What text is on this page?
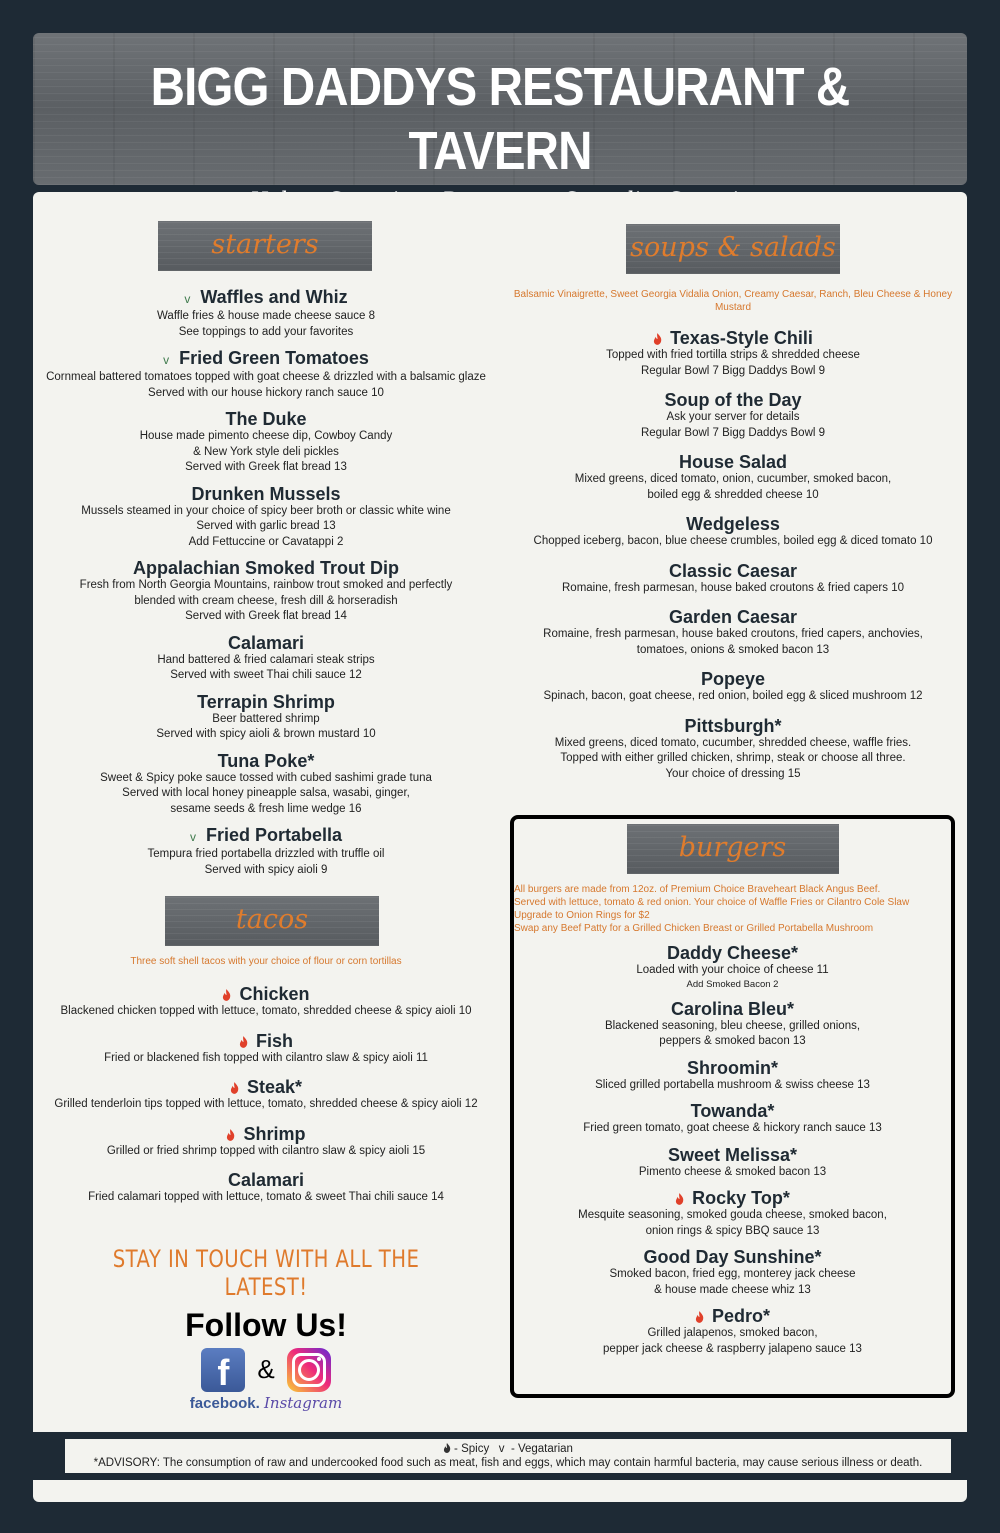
BIGG DADDYS RESTAURANT & TAVERN
starters
v Waffles and Whiz
Waffle fries & house made cheese sauce 8
See toppings to add your favorites
v Fried Green Tomatoes
Cornmeal battered tomatoes topped with goat cheese & drizzled with a balsamic glaze
Served with our house hickory ranch sauce 10
The Duke
House made pimento cheese dip, Cowboy Candy
& New York style deli pickles
Served with Greek flat bread 13
Drunken Mussels
Mussels steamed in your choice of spicy beer broth or classic white wine
Served with garlic bread 13
Add Fettuccine or Cavatappi 2
Appalachian Smoked Trout Dip
Fresh from North Georgia Mountains, rainbow trout smoked and perfectly
blended with cream cheese, fresh dill & horseradish
Served with Greek flat bread 14
Calamari
Hand battered & fried calamari steak strips
Served with sweet Thai chili sauce 12
Terrapin Shrimp
Beer battered shrimp
Served with spicy aioli & brown mustard 10
Tuna Poke*
Sweet & Spicy poke sauce tossed with cubed sashimi grade tuna
Served with local honey pineapple salsa, wasabi, ginger,
sesame seeds & fresh lime wedge 16
v Fried Portabella
Tempura fried portabella drizzled with truffle oil
Served with spicy aioli 9
tacos
Three soft shell tacos with your choice of flour or corn tortillas
Chicken
Blackened chicken topped with lettuce, tomato, shredded cheese & spicy aioli 10
Fish
Fried or blackened fish topped with cilantro slaw & spicy aioli 11
Steak*
Grilled tenderloin tips topped with lettuce, tomato, shredded cheese & spicy aioli 12
Shrimp
Grilled or fried shrimp topped with cilantro slaw & spicy aioli 15
Calamari
Fried calamari topped with lettuce, tomato & sweet Thai chili sauce 14
STAY IN TOUCH WITH ALL THE LATEST!
Follow Us!
f	&
facebook. Instagram
soups & salads
Balsamic Vinaigrette, Sweet Georgia Vidalia Onion, Creamy Caesar, Ranch, Bleu Cheese & Honey Mustard
Texas-Style Chili
Topped with fried tortilla strips & shredded cheese
Regular Bowl 7 Bigg Daddys Bowl 9
Soup of the Day
Ask your server for details
Regular Bowl 7 Bigg Daddys Bowl 9
House Salad
Mixed greens, diced tomato, onion, cucumber, smoked bacon,
boiled egg & shredded cheese 10
Wedgeless
Chopped iceberg, bacon, blue cheese crumbles, boiled egg & diced tomato 10
Classic Caesar
Romaine, fresh parmesan, house baked croutons & fried capers 10
Garden Caesar
Romaine, fresh parmesan, house baked croutons, fried capers, anchovies,
tomatoes, onions & smoked bacon 13
Popeye
Spinach, bacon, goat cheese, red onion, boiled egg & sliced mushroom 12
Pittsburgh*
Mixed greens, diced tomato, cucumber, shredded cheese, waffle fries.
Topped with either grilled chicken, shrimp, steak or choose all three.
Your choice of dressing 15
burgers
All burgers are made from 12oz. of Premium Choice Braveheart Black Angus Beef.
Served with lettuce, tomato & red onion. Your choice of Waffle Fries or Cilantro Cole Slaw
Upgrade to Onion Rings for $2
Swap any Beef Patty for a Grilled Chicken Breast or Grilled Portabella Mushroom
Daddy Cheese*
Loaded with your choice of cheese 11
Add Smoked Bacon 2
Carolina Bleu*
Blackened seasoning, bleu cheese, grilled onions,
peppers & smoked bacon 13
Shroomin*
Sliced grilled portabella mushroom & swiss cheese 13
Towanda*
Fried green tomato, goat cheese & hickory ranch sauce 13
Sweet Melissa*
Pimento cheese & smoked bacon 13
Rocky Top*
Mesquite seasoning, smoked gouda cheese, smoked bacon,
onion rings & spicy BBQ sauce 13
Good Day Sunshine*
Smoked bacon, fried egg, monterey jack cheese
& house made cheese whiz 13
Pedro*
Grilled jalapenos, smoked bacon,
pepper jack cheese & raspberry jalapeno sauce 13
- Spicy v - Vegatarian
*ADVISORY: The consumption of raw and undercooked food such as meat, fish and eggs, which may contain harmful bacteria, may cause serious illness or death.
